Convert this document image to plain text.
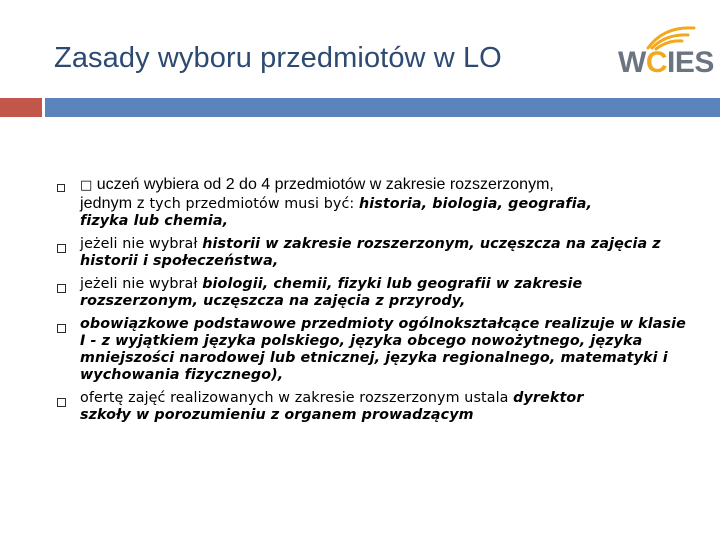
Zasady wyboru przedmiotów w LO	WCIES
□ uczeń wybiera od 2 do 4 przedmiotów w zakresie rozszerzonym,
jednym z tych przedmiotów musi być: historia, biologia, geografia,
fizyka lub chemia,
jeżeli nie wybrał historii w zakresie rozszerzonym, uczęszcza na zajęcia z historii i społeczeństwa,
jeżeli nie wybrał biologii, chemii, fizyki lub geografii w zakresie rozszerzonym, uczęszcza na zajęcia z przyrody,
obowiązkowe podstawowe przedmioty ogólnokształcące realizuje w klasie I - z wyjątkiem języka polskiego, języka obcego nowożytnego, języka mniejszości narodowej lub etnicznej, języka regionalnego, matematyki i wychowania fizycznego),
ofertę zajęć realizowanych w zakresie rozszerzonym ustala dyrektor
szkoły w porozumieniu z organem prowadzącym
